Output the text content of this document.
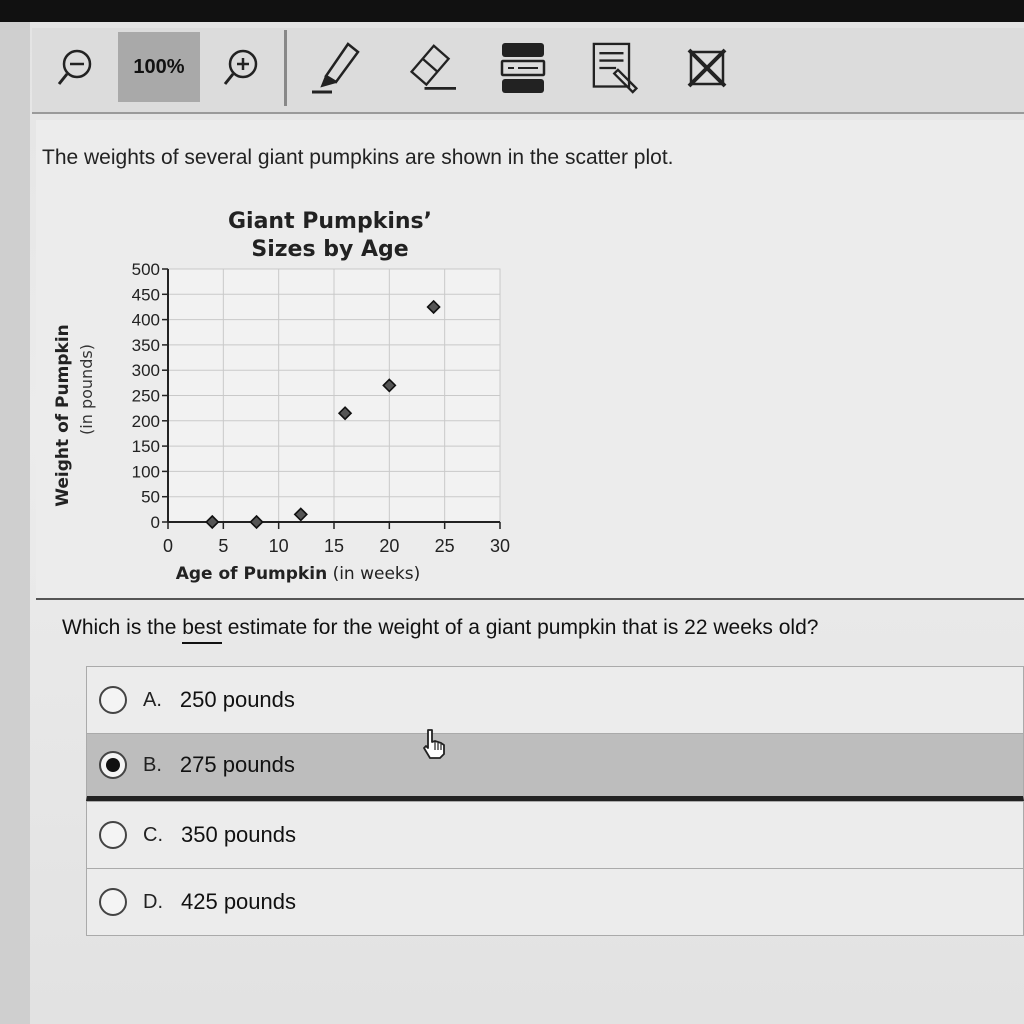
100%
The weights of several giant pumpkins are shown in the scatter plot.
Giant Pumpkins’
Sizes by Age
0
50
100
150
200
250
300
350
400
450
500
0	5 10 15 20 25 30
Age of Pumpkin (in weeks)
Weight of Pumpkin (in pounds)
Which is the best estimate for the weight of a giant pumpkin that is 22 weeks old?
A. 250 pounds
B. 275 pounds
C. 350 pounds
D. 425 pounds
